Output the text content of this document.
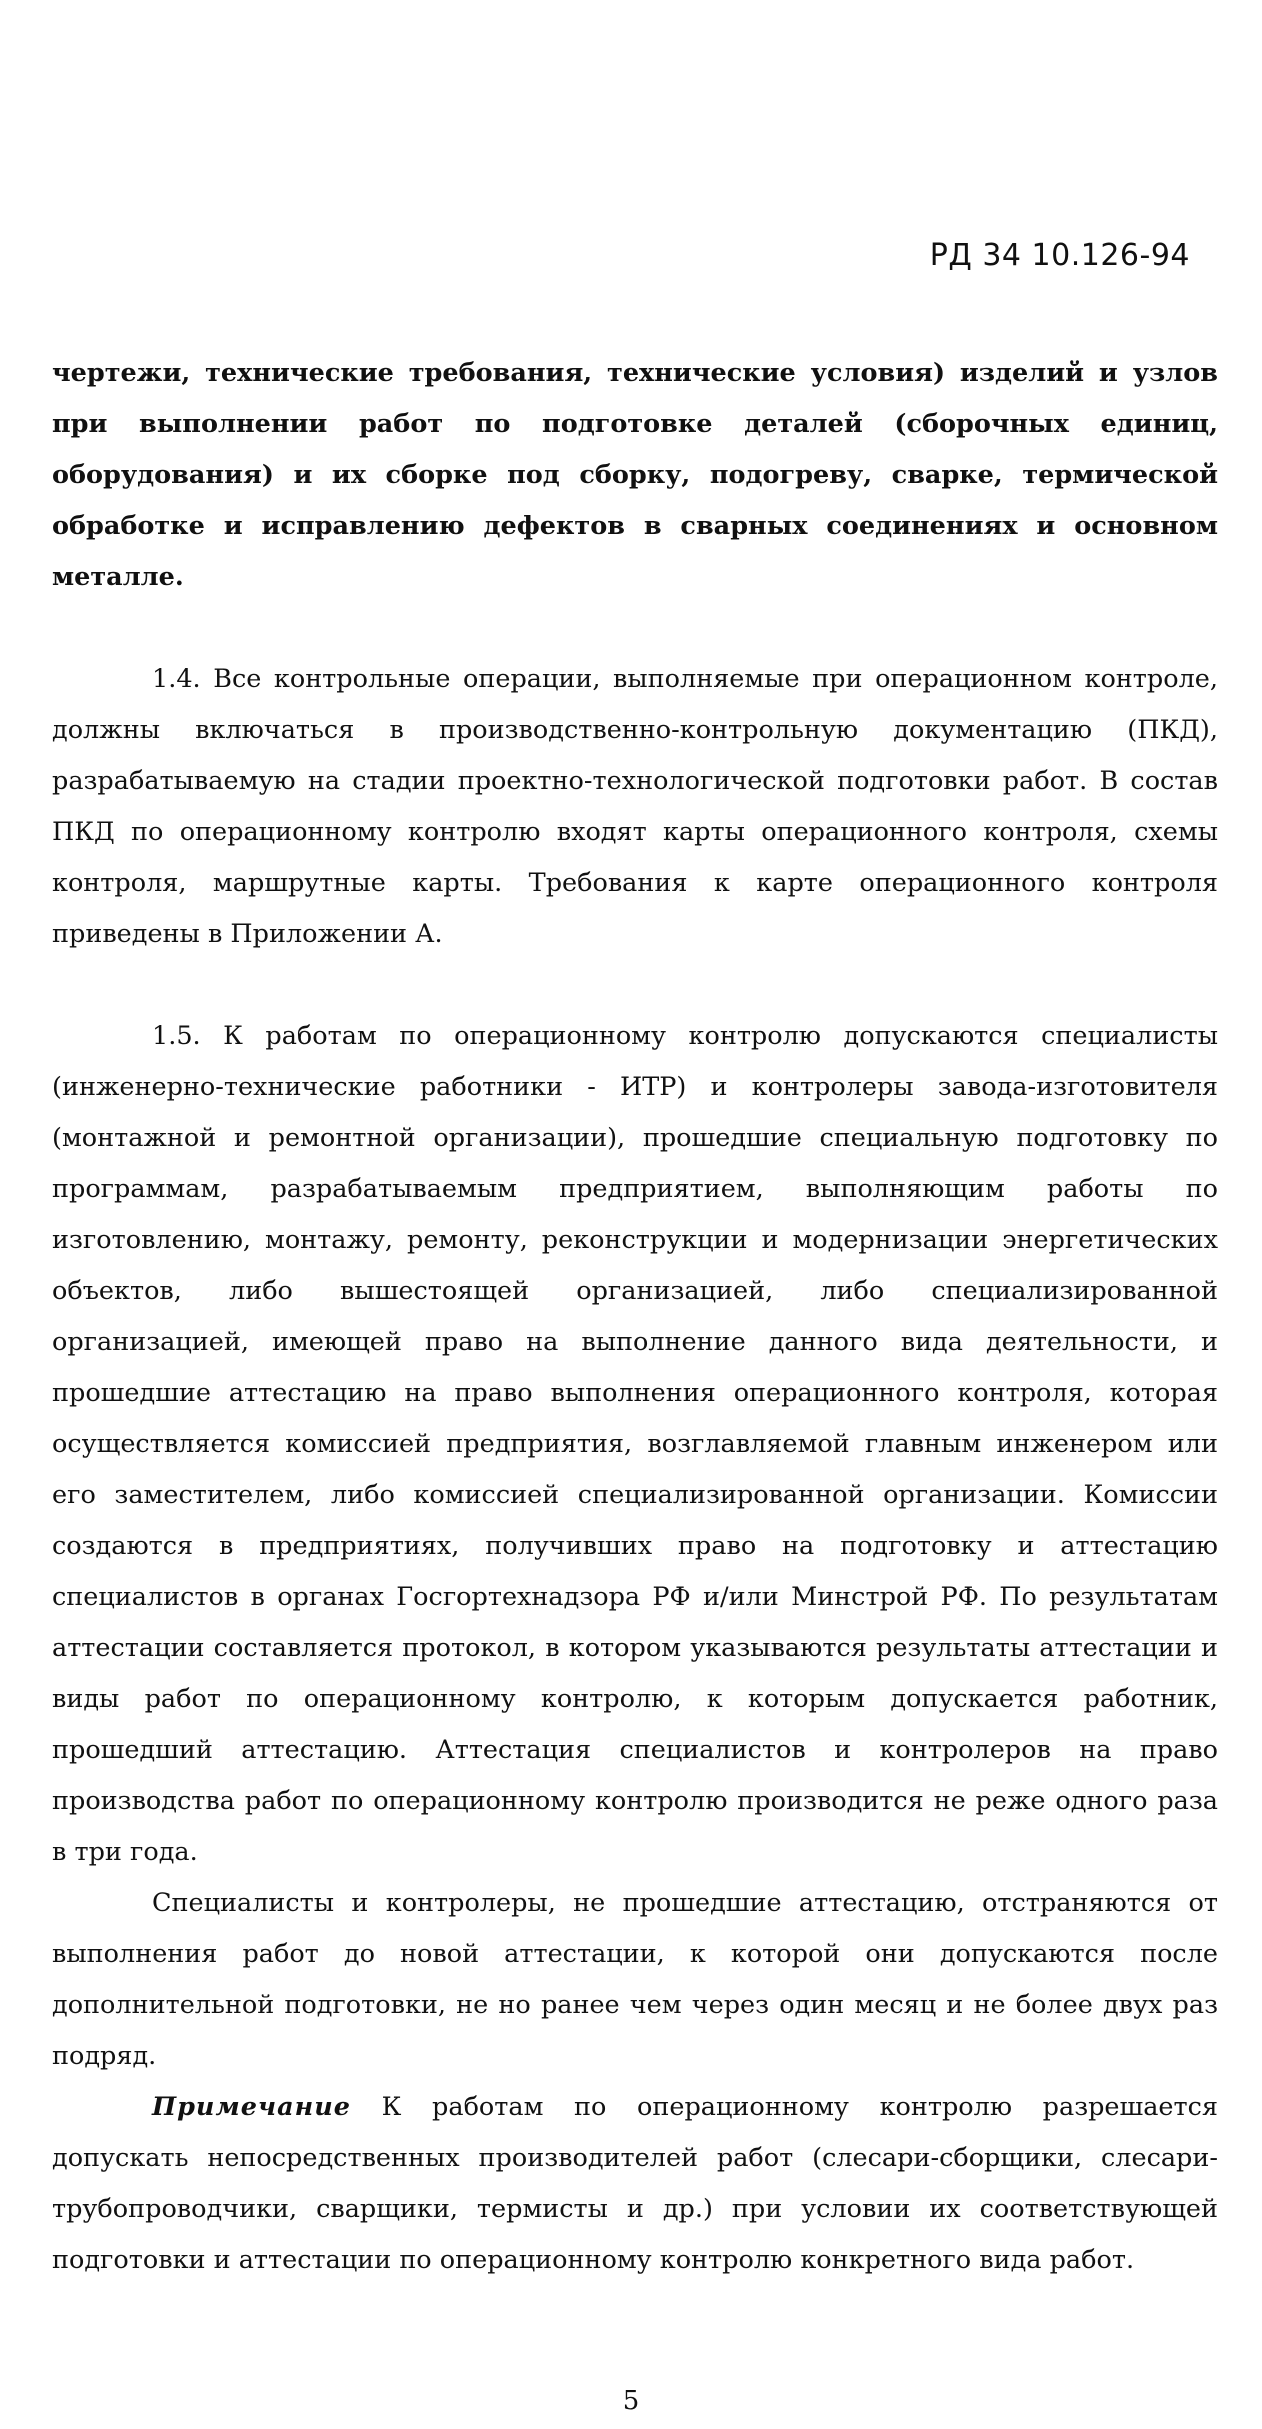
РД 34 10.126-94

чертежи, технические требования, технические условия) изделий и узлов при выполнении работ по подготовке деталей (сборочных единиц, оборудования) и их сборке под сборку, подогреву, сварке, термической обработке и исправлению дефектов в сварных соединениях и основном металле.

1.4. Все контрольные операции, выполняемые при операционном контроле, должны включаться в производственно-контрольную документацию (ПКД), разрабатываемую на стадии проектно-технологической подготовки работ. В состав ПКД по операционному контролю входят карты операционного контроля, схемы контроля, маршрутные карты. Требования к карте операционного контроля приведены в Приложении А.

1.5. К работам по операционному контролю допускаются специалисты (инженерно-технические работники - ИТР) и контролеры завода-изготовителя (монтажной и ремонтной организации), прошедшие специальную подготовку по программам, разрабатываемым предприятием, выполняющим работы по изготовлению, монтажу, ремонту, реконструкции и модернизации энергетических объектов, либо вышестоящей организацией, либо специализированной организацией, имеющей право на выполнение данного вида деятельности, и прошедшие аттестацию на право выполнения операционного контроля, которая осуществляется комиссией предприятия, возглавляемой главным инженером или его заместителем, либо комиссией специализированной организации. Комиссии создаются в предприятиях, получивших право на подготовку и аттестацию специалистов в органах Госгортехнадзора РФ и/или Минстрой РФ. По результатам аттестации составляется протокол, в котором указываются результаты аттестации и виды работ по операционному контролю, к которым допускается работник, прошедший аттестацию. Аттестация специалистов и контролеров на право производства работ по операционному контролю производится не реже одного раза в три года.

Специалисты и контролеры, не прошедшие аттестацию, отстраняются от выполнения работ до новой аттестации, к которой они допускаются после дополнительной подготовки, не но ранее чем через один месяц и не более двух раз подряд.

Примечание К работам по операционному контролю разрешается допускать непосредственных производителей работ (слесари-сборщики, слесари-трубопроводчики, сварщики, термисты и др.) при условии их соответствующей подготовки и аттестации по операционному контролю конкретного вида работ.

5
